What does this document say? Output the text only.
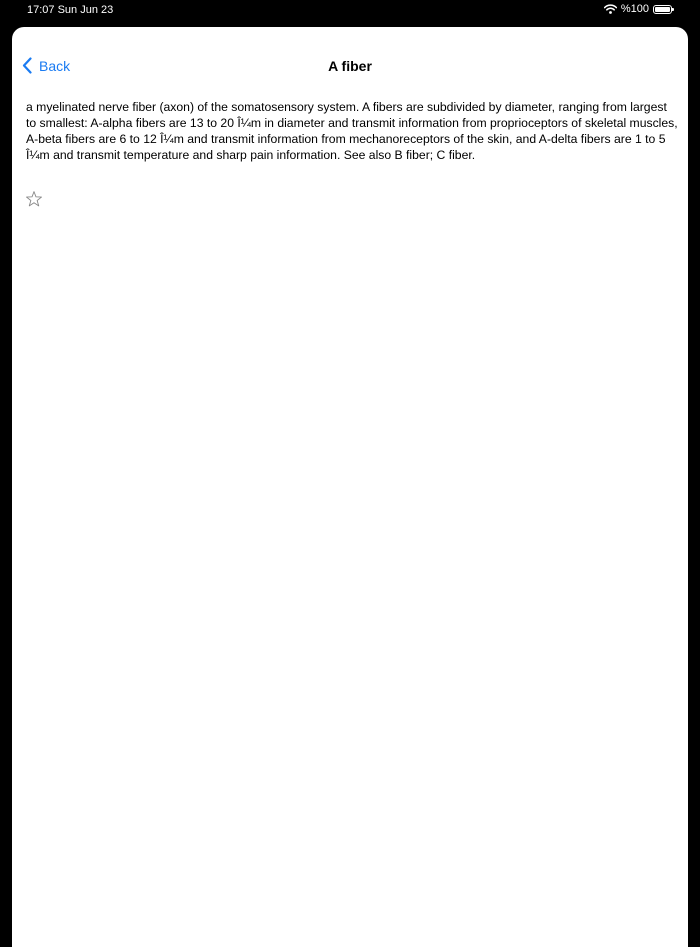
17:07 Sun Jun 23	%100
Back	A fiber
a myelinated nerve fiber (axon) of the somatosensory system. A fibers are subdivided by diameter, ranging from largest to smallest: A-alpha fibers are 13 to 20 Î¼m in diameter and transmit information from proprioceptors of skeletal muscles, A-beta fibers are 6 to 12 Î¼m and transmit information from mechanoreceptors of the skin, and A-delta fibers are 1 to 5 Î¼m and transmit temperature and sharp pain information. See also B fiber; C fiber.
